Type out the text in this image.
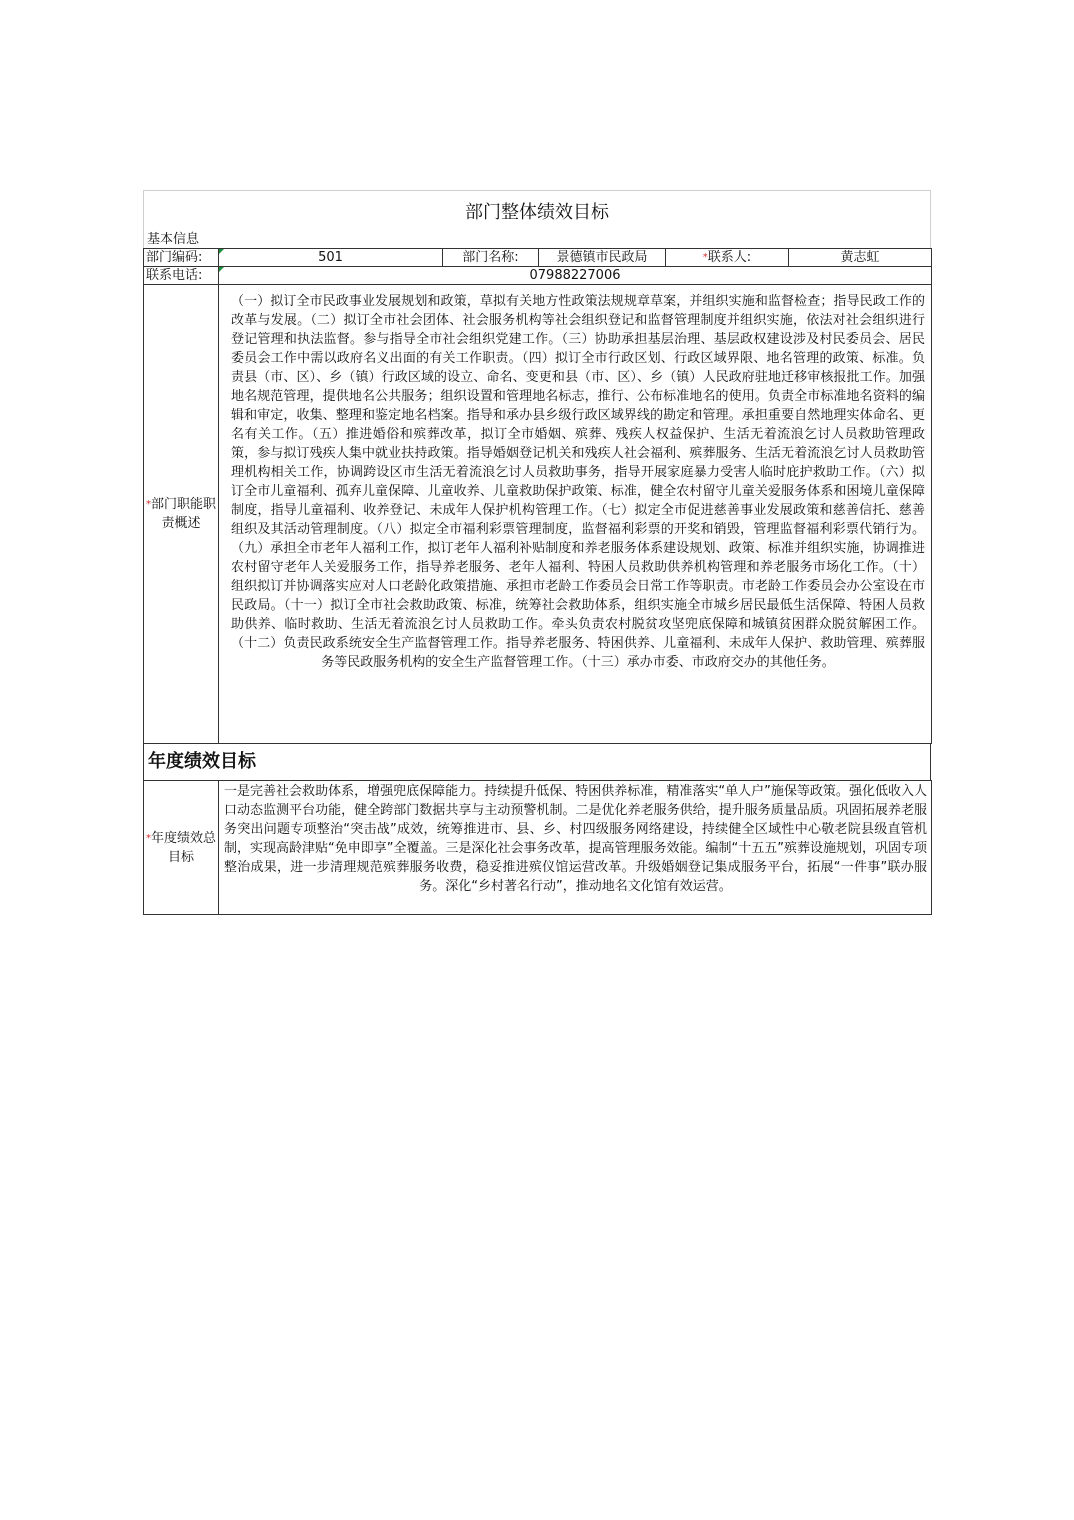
部门整体绩效目标
基本信息
部门编码:	501	部门名称:	景德镇市民政局	*联系人:	黄志虹
联系电话:	07988227006				
*部门职能职责概述	（一）拟订全市民政事业发展规划和政策，草拟有关地方性政策法规规章草案，并组织实施和监督检查；指导民政工作的改革与发展。（二）拟订全市社会团体、社会服务机构等社会组织登记和监督管理制度并组织实施，依法对社会组织进行登记管理和执法监督。参与指导全市社会组织党建工作。（三）协助承担基层治理、基层政权建设涉及村民委员会、居民委员会工作中需以政府名义出面的有关工作职责。（四）拟订全市行政区划、行政区域界限、地名管理的政策、标准。负责县（市、区）、乡（镇）行政区域的设立、命名、变更和县（市、区）、乡（镇）人民政府驻地迁移审核报批工作。加强地名规范管理，提供地名公共服务；组织设置和管理地名标志，推行、公布标准地名的使用。负责全市标准地名资料的编辑和审定，收集、整理和鉴定地名档案。指导和承办县乡级行政区域界线的勘定和管理。承担重要自然地理实体命名、更名有关工作。（五）推进婚俗和殡葬改革，拟订全市婚姻、殡葬、残疾人权益保护、生活无着流浪乞讨人员救助管理政策，参与拟订残疾人集中就业扶持政策。指导婚姻登记机关和残疾人社会福利、殡葬服务、生活无着流浪乞讨人员救助管理机构相关工作，协调跨设区市生活无着流浪乞讨人员救助事务，指导开展家庭暴力受害人临时庇护救助工作。（六）拟订全市儿童福利、孤弃儿童保障、儿童收养、儿童救助保护政策、标准，健全农村留守儿童关爱服务体系和困境儿童保障制度，指导儿童福利、收养登记、未成年人保护机构管理工作。（七）拟定全市促进慈善事业发展政策和慈善信托、慈善组织及其活动管理制度。（八）拟定全市福利彩票管理制度，监督福利彩票的开奖和销毁，管理监督福利彩票代销行为。（九）承担全市老年人福利工作，拟订老年人福利补贴制度和养老服务体系建设规划、政策、标准并组织实施，协调推进农村留守老年人关爱服务工作，指导养老服务、老年人福利、特困人员救助供养机构管理和养老服务市场化工作。（十）组织拟订并协调落实应对人口老龄化政策措施、承担市老龄工作委员会日常工作等职责。市老龄工作委员会办公室设在市民政局。（十一）拟订全市社会救助政策、标准，统筹社会救助体系，组织实施全市城乡居民最低生活保障、特困人员救助供养、临时救助、生活无着流浪乞讨人员救助工作。牵头负责农村脱贫攻坚兜底保障和城镇贫困群众脱贫解困工作。（十二）负责民政系统安全生产监督管理工作。指导养老服务、特困供养、儿童福利、未成年人保护、救助管理、殡葬服务等民政服务机构的安全生产监督管理工作。（十三）承办市委、市政府交办的其他任务。				
年度绩效目标
*年度绩效总目标	一是完善社会救助体系，增强兜底保障能力。持续提升低保、特困供养标准，精准落实“单人户”施保等政策。强化低收入人口动态监测平台功能，健全跨部门数据共享与主动预警机制。二是优化养老服务供给，提升服务质量品质。巩固拓展养老服务突出问题专项整治“突击战”成效，统筹推进市、县、乡、村四级服务网络建设，持续健全区域性中心敬老院县级直管机制，实现高龄津贴“免申即享”全覆盖。三是深化社会事务改革，提高管理服务效能。编制“十五五”殡葬设施规划，巩固专项整治成果，进一步清理规范殡葬服务收费，稳妥推进殡仪馆运营改革。升级婚姻登记集成服务平台，拓展“一件事”联办服务。深化“乡村著名行动”，推动地名文化馆有效运营。
